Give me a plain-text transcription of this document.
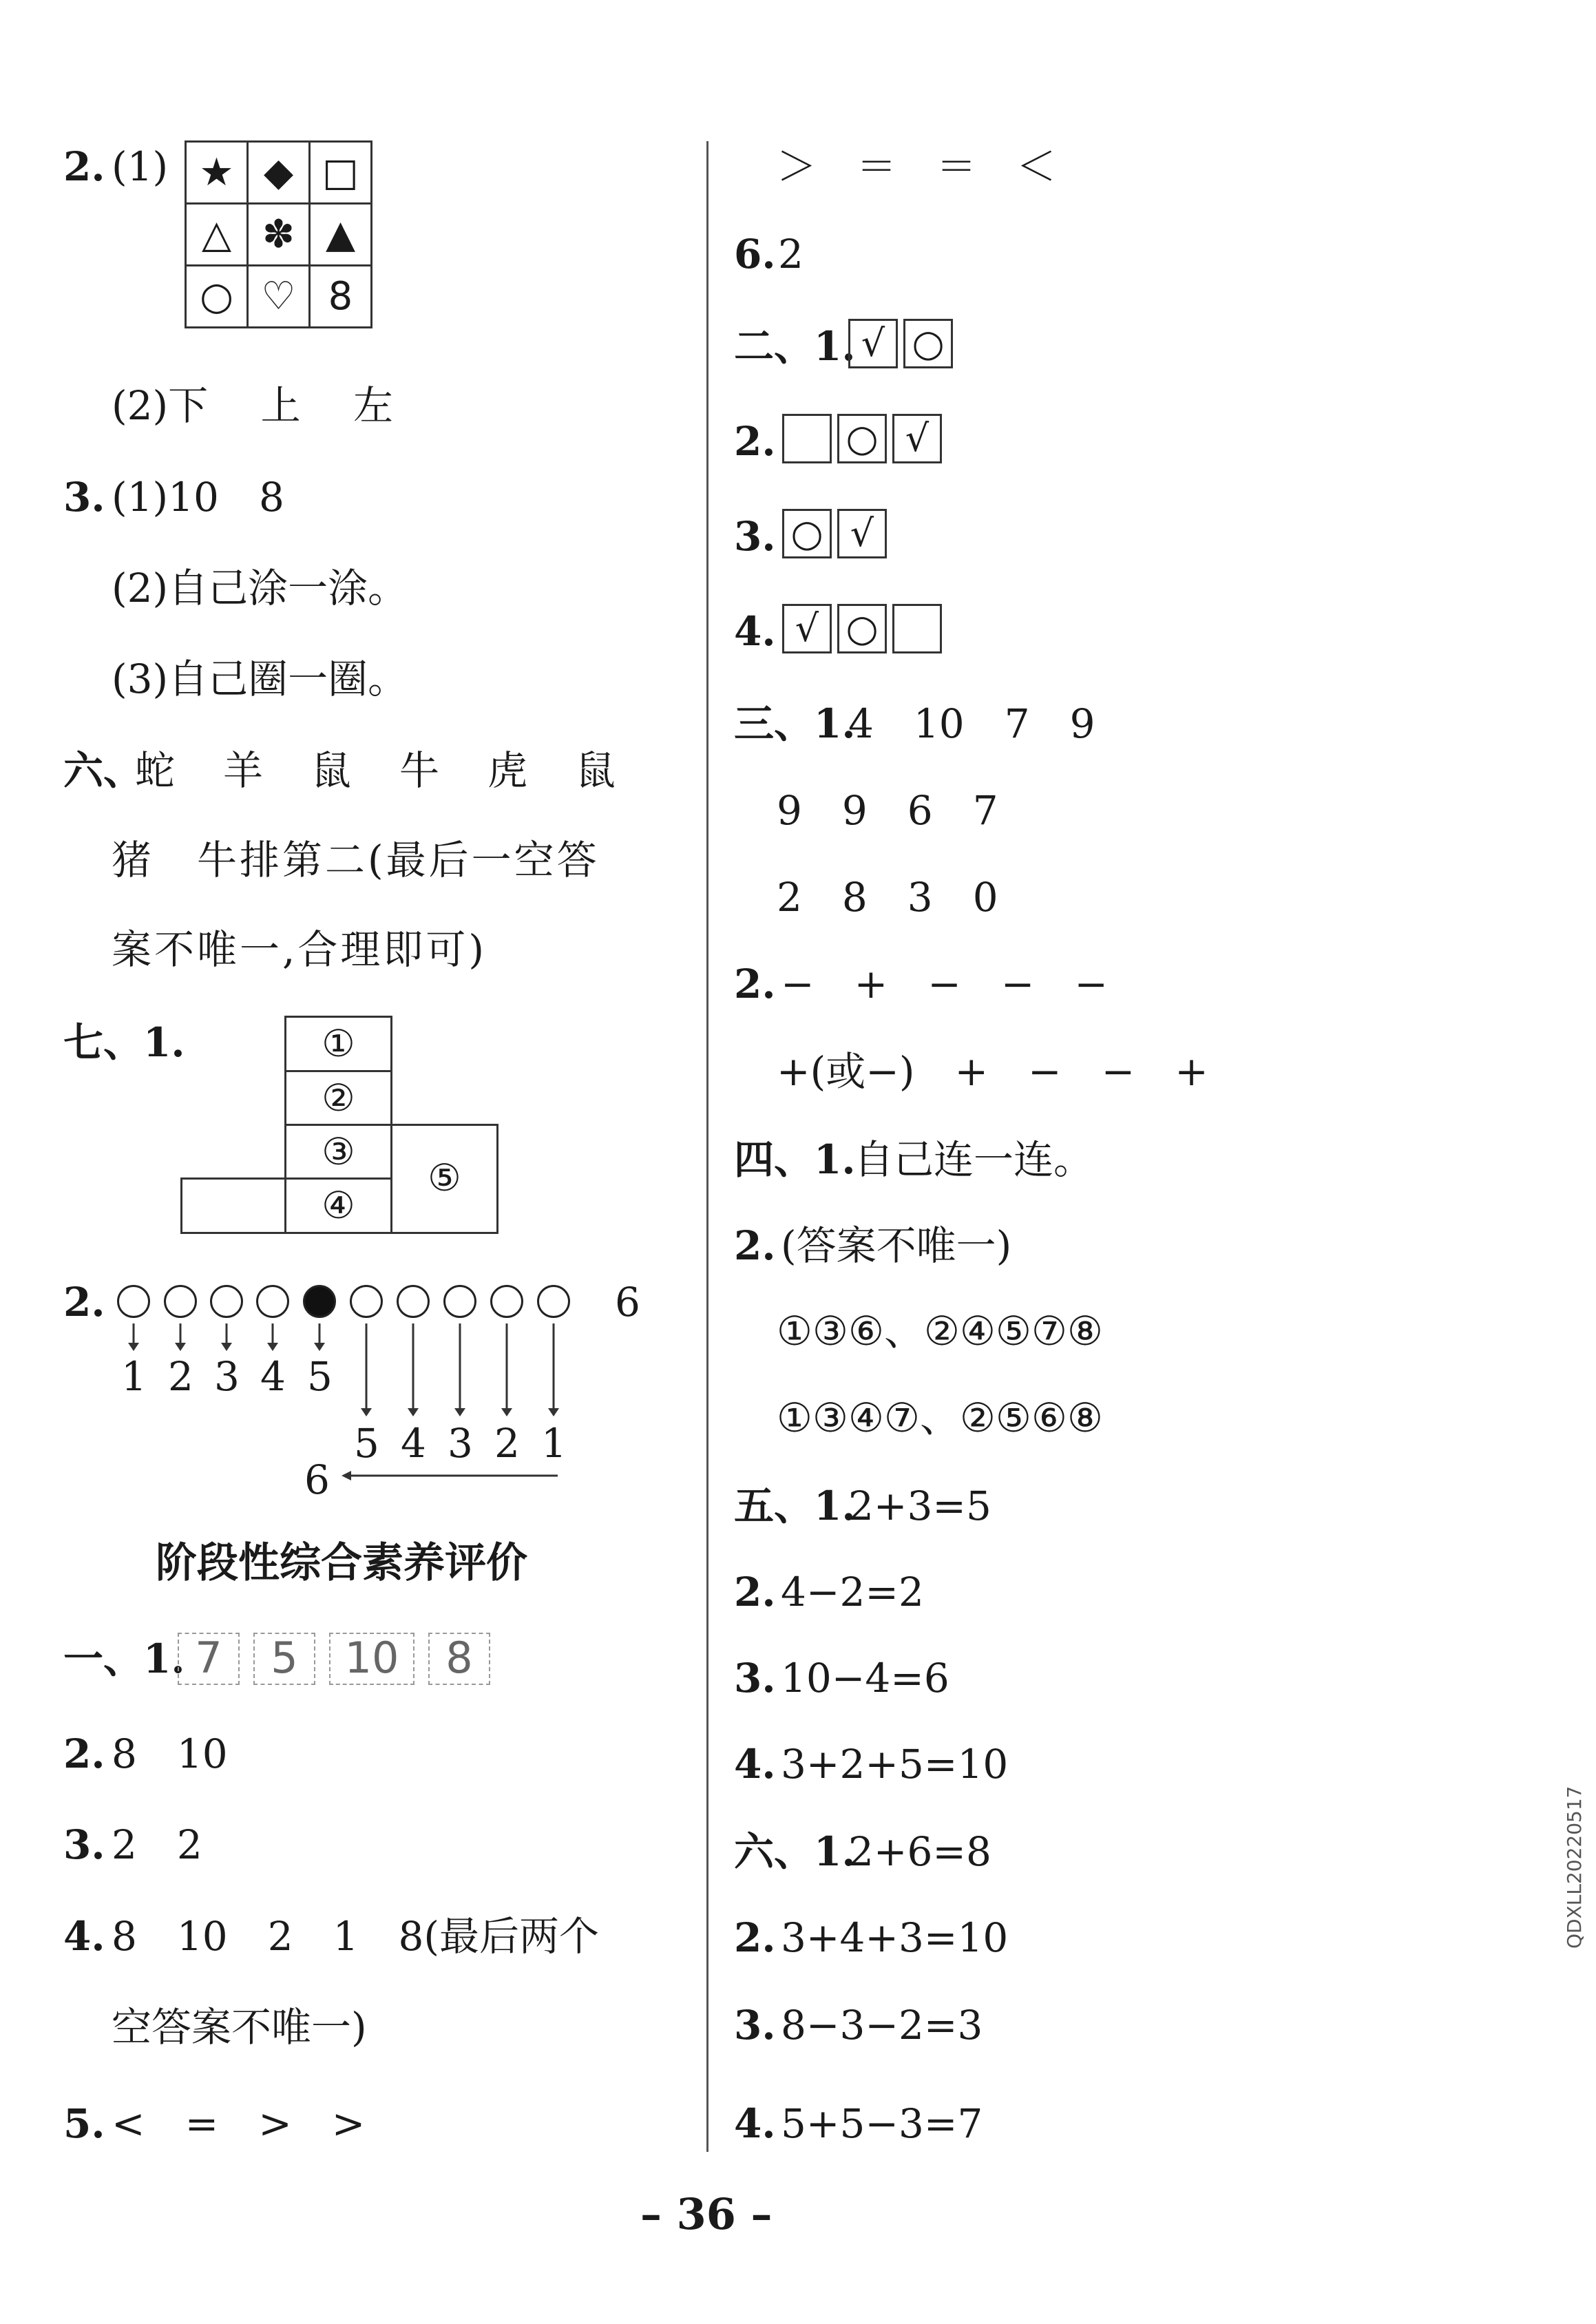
2. (1) ★	◆	□
△	✽	▲
○	♡	8
(2)下　 上　 左
3. (1)10　8
(2)自己涂一涂。
(3)自己圈一圈。
六、
蛇　羊　鼠　牛　虎　鼠
猪　牛排第二(最后一空答
案不唯一,合理即可)
七、1.	①
②
③
④
⑤
2.	6
1 2 3 4 5
5 4 3 2 1
6
阶段性综合素养评价
一、1. 7 5 10 8
2. 8　10
3. 2　2
4. 8　10　2　1　8(最后两个
空答案不唯一)
5. <　=　>　>
＞　＝　＝　＜
6. 2
二、1. √ ○
2.	○ √
3. ○ √
4. √ ○
三、1.
4　10　7　9
9　9　6　7
2　8　3　0
2. −　+　−　−　−
+(或−)　+　−　−　+
四、1.
自己连一连。
2. (答案不唯一)
①③⑥、②④⑤⑦⑧
①③④⑦、②⑤⑥⑧
五、1.
2+3=5
2. 4−2=2
3. 10−4=6
4. 3+2+5=10
六、1.
2+6=8
2. 3+4+3=10
3. 8−3−2=3
4. 5+5−3=7
– 36 –
QDXLL20220517
